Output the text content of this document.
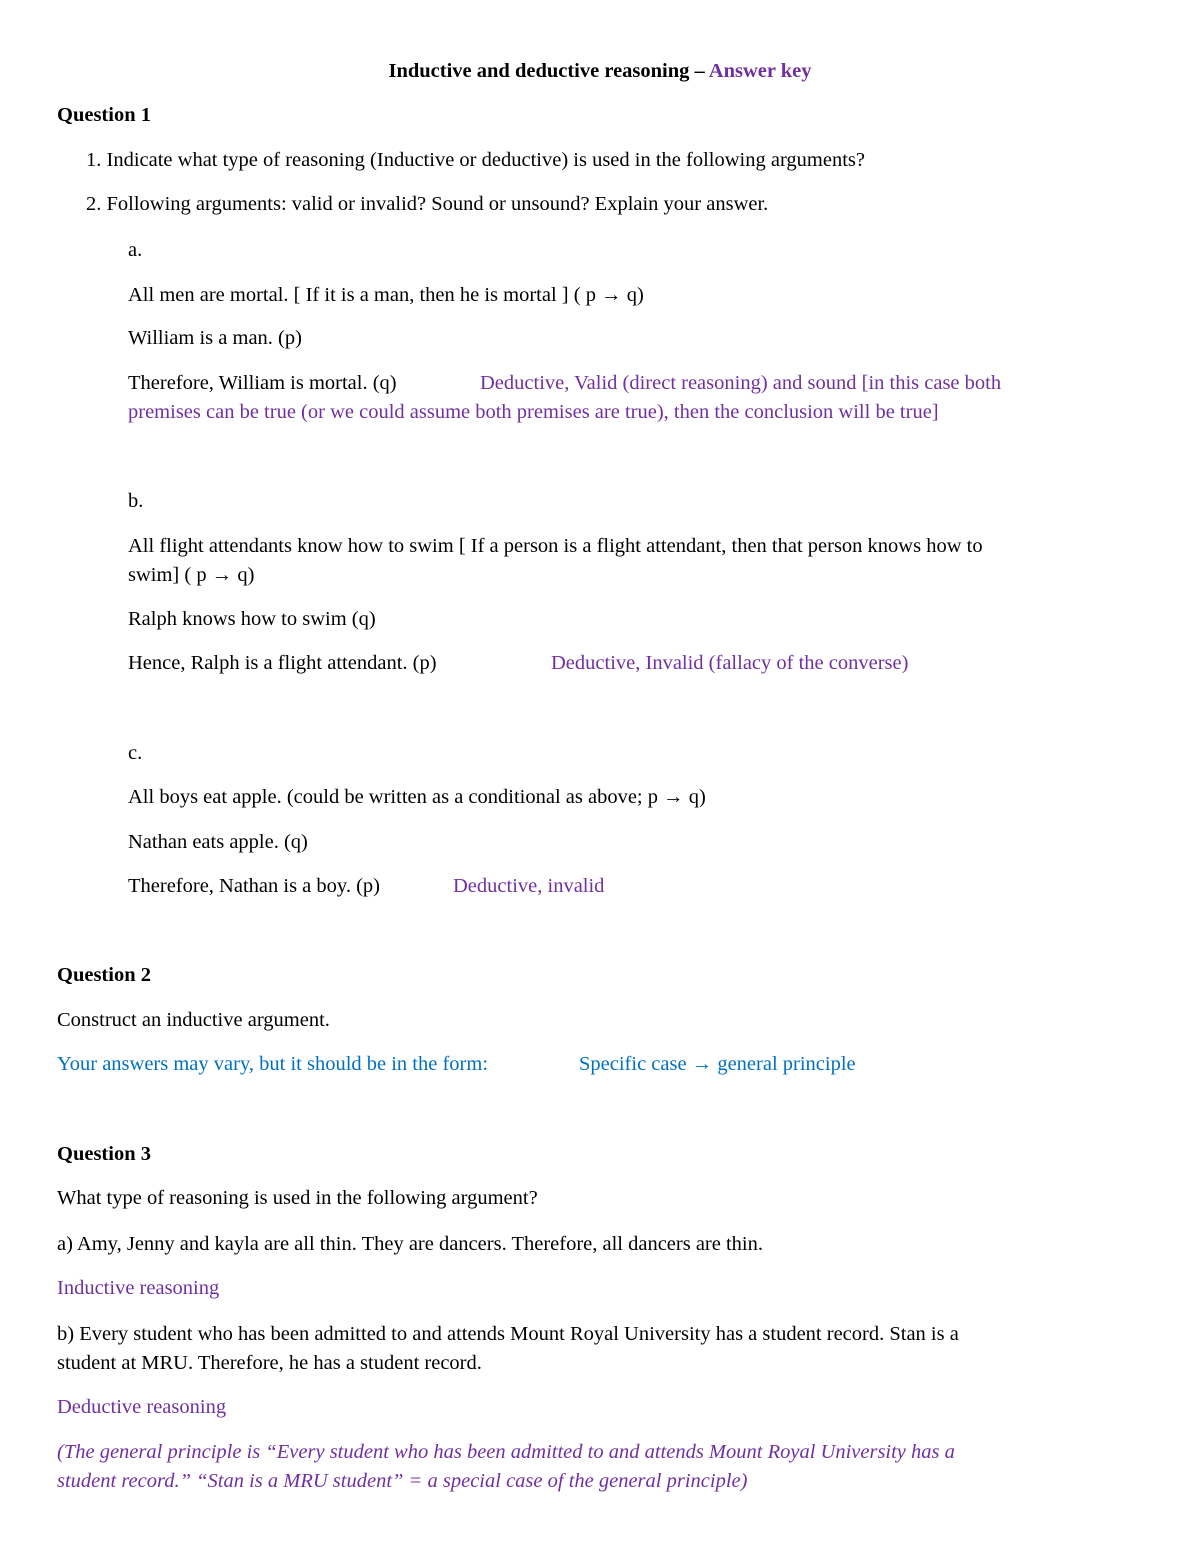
Inductive and deductive reasoning – Answer key
Question 1
1. Indicate what type of reasoning (Inductive or deductive) is used in the following arguments?
2. Following arguments: valid or invalid? Sound or unsound? Explain your answer.
a.
All men are mortal. [ If it is a man, then he is mortal ] ( p → q)
William is a man. (p)
Therefore, William is mortal. (q)	Deductive, Valid (direct reasoning) and sound [in this case both
premises can be true (or we could assume both premises are true), then the conclusion will be true]
b.
All flight attendants know how to swim [ If a person is a flight attendant, then that person knows how to
swim] ( p → q)
Ralph knows how to swim (q)
Hence, Ralph is a flight attendant. (p)	Deductive, Invalid (fallacy of the converse)
c.
All boys eat apple. (could be written as a conditional as above; p → q)
Nathan eats apple. (q)
Therefore, Nathan is a boy. (p)	Deductive, invalid
Question 2
Construct an inductive argument.
Your answers may vary, but it should be in the form:	Specific case → general principle
Question 3
What type of reasoning is used in the following argument?
a) Amy, Jenny and kayla are all thin. They are dancers. Therefore, all dancers are thin.
Inductive reasoning
b) Every student who has been admitted to and attends Mount Royal University has a student record. Stan is a
student at MRU. Therefore, he has a student record.
Deductive reasoning
(The general principle is “Every student who has been admitted to and attends Mount Royal University has a
student record.” “Stan is a MRU student” = a special case of the general principle)
